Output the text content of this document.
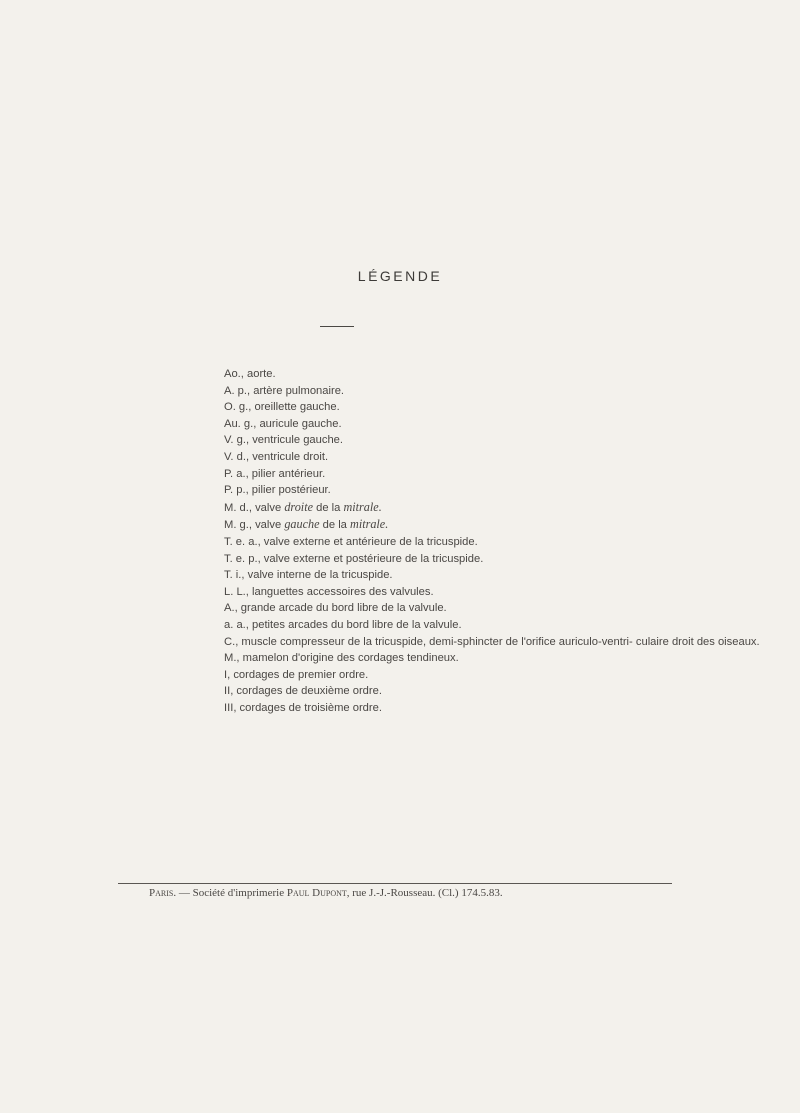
LÉGENDE
Ao., aorte.
A. p., artère pulmonaire.
O. g., oreillette gauche.
Au. g., auricule gauche.
V. g., ventricule gauche.
V. d., ventricule droit.
P. a., pilier antérieur.
P. p., pilier postérieur.
M. d., valve droite de la mitrale.
M. g., valve gauche de la mitrale.
T. e. a., valve externe et antérieure de la tricuspide.
T. e. p., valve externe et postérieure de la tricuspide.
T. i., valve interne de la tricuspide.
L. L., languettes accessoires des valvules.
A., grande arcade du bord libre de la valvule.
a. a., petites arcades du bord libre de la valvule.
C., muscle compresseur de la tricuspide, demi-sphincter de l'orifice auriculo-ventri- culaire droit des oiseaux.
M., mamelon d'origine des cordages tendineux.
I, cordages de premier ordre.
II, cordages de deuxième ordre.
III, cordages de troisième ordre.
Paris. — Société d'imprimerie Paul Dupont, rue J.-J.-Rousseau. (Cl.) 174.5.83.
